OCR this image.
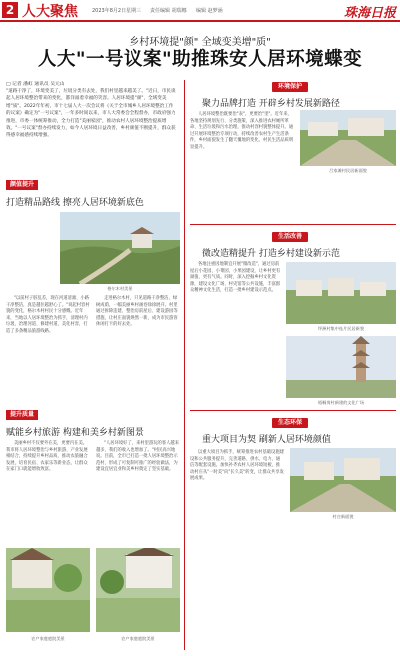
2 人大聚焦	2023年8月2日 星期三 责任编辑 胡瑞娜 编辑 赵梦涵	珠海日报
乡村环境提"颜" 全域变美增"质"
人大"一号议案"助推珠安人居环境蝶变
□ 记者 潘虹 通讯员 吴元山
"道路干净了，环境变美了，垃圾分类有去处，我们村里越来越美了。"近日，市民谈起人居环境整治带来的变化，都洋溢着幸福的笑容。人居环境提"颜"，全域变美增"质"。2022年年初，市十七届人大一次会议将《关于全市城乡人居环境整治工作的议案》确定为"一号议案"，一年多时间以来，市人大常委会全程督办，市政府强力推进，市委一体统筹推动，全力打造"美丽家园"，推动农村人居环境整治提质增效。"一号议案"督办持续发力，如今人居环境日益改善，乡村颜值不断提升，群众获得感幸福感持续增强。
颜值提升
打造精品路线 擦亮人居环境新底色
格尔木村美景

"以前村子脏乱差，现在河道清澈、小路干净整洁，真是越住越舒心了。"说起村容村貌的变化，格尔木村村民十分感慨。近年来，当地以人居环境整治为抓手，清理村内垃圾、治理河道、修建村道，美化村容，打造了多条精品旅游线路。

走进格尔木村，只见道路干净整洁，绿树成荫，一幅美丽乡村画卷徐徐展开。村里通过拆除违建、整治房前屋后、建设游园等措施，让村庄面貌焕然一新，成为市民游客休闲打卡的好去处。

提升质量
赋能乡村旅游 构建和美乡村新图景

美丽乡村不仅要外在美，更要内在美。我市将人居环境整治与乡村旅游、产业发展相结合，持续提升乡村品质，推动农旅融合发展，培育民宿、农家乐等新业态，让群众在家门口就能增收致富。

"人居环境好了，来村里游玩的客人越来越多，我们的收入也增加了。"村民高兴地说。目前，全市已打造一批人居环境整治示范村，形成了可复制可推广的经验做法，为建设宜居宜业和美乡村奠定了坚实基础。

农户家庭庭院美景	农户家庭庭院美景
环境保护
聚力品牌打造 开辟乡村发展新路径
吕家滩村民居新面貌

人居环境整治既要治"表"，更要治"里"。近年来，各地坚持规划先行、分类施策，深入推进农村厕所革命、生活垃圾和污水治理，推动村容村貌整体提升。通过开展环境整治专项行动，持续改善农村生产生活条件，乡村面貌发生了翻天覆地的变化，村民生活品质明显提升。

生活改善
微改造精提升 打造乡村建设新示范

各地注重因地制宜开展"微改造"，通过房前屋后小花园、小菜园、小果园建设，让乡村更有颜值、更有气质。同时，深入挖掘乡村文化资源，建设文化广场、村史馆等公共设施，丰富群众精神文化生活，打造一批乡村建设示范点。

坪洲村集中连片民居新貌
梧桐岗村新建的文化广场
生态环保
重大项目为契 刷新人居环境颜值

以重大项目为抓手，统筹推进农村基础设施建设和公共服务提升，完善道路、供水、电力、通信等配套设施。加快补齐农村人居环境短板，推动村庄从"一时美"向"长久美"转变，让群众共享发展成果。

村庄新面貌
